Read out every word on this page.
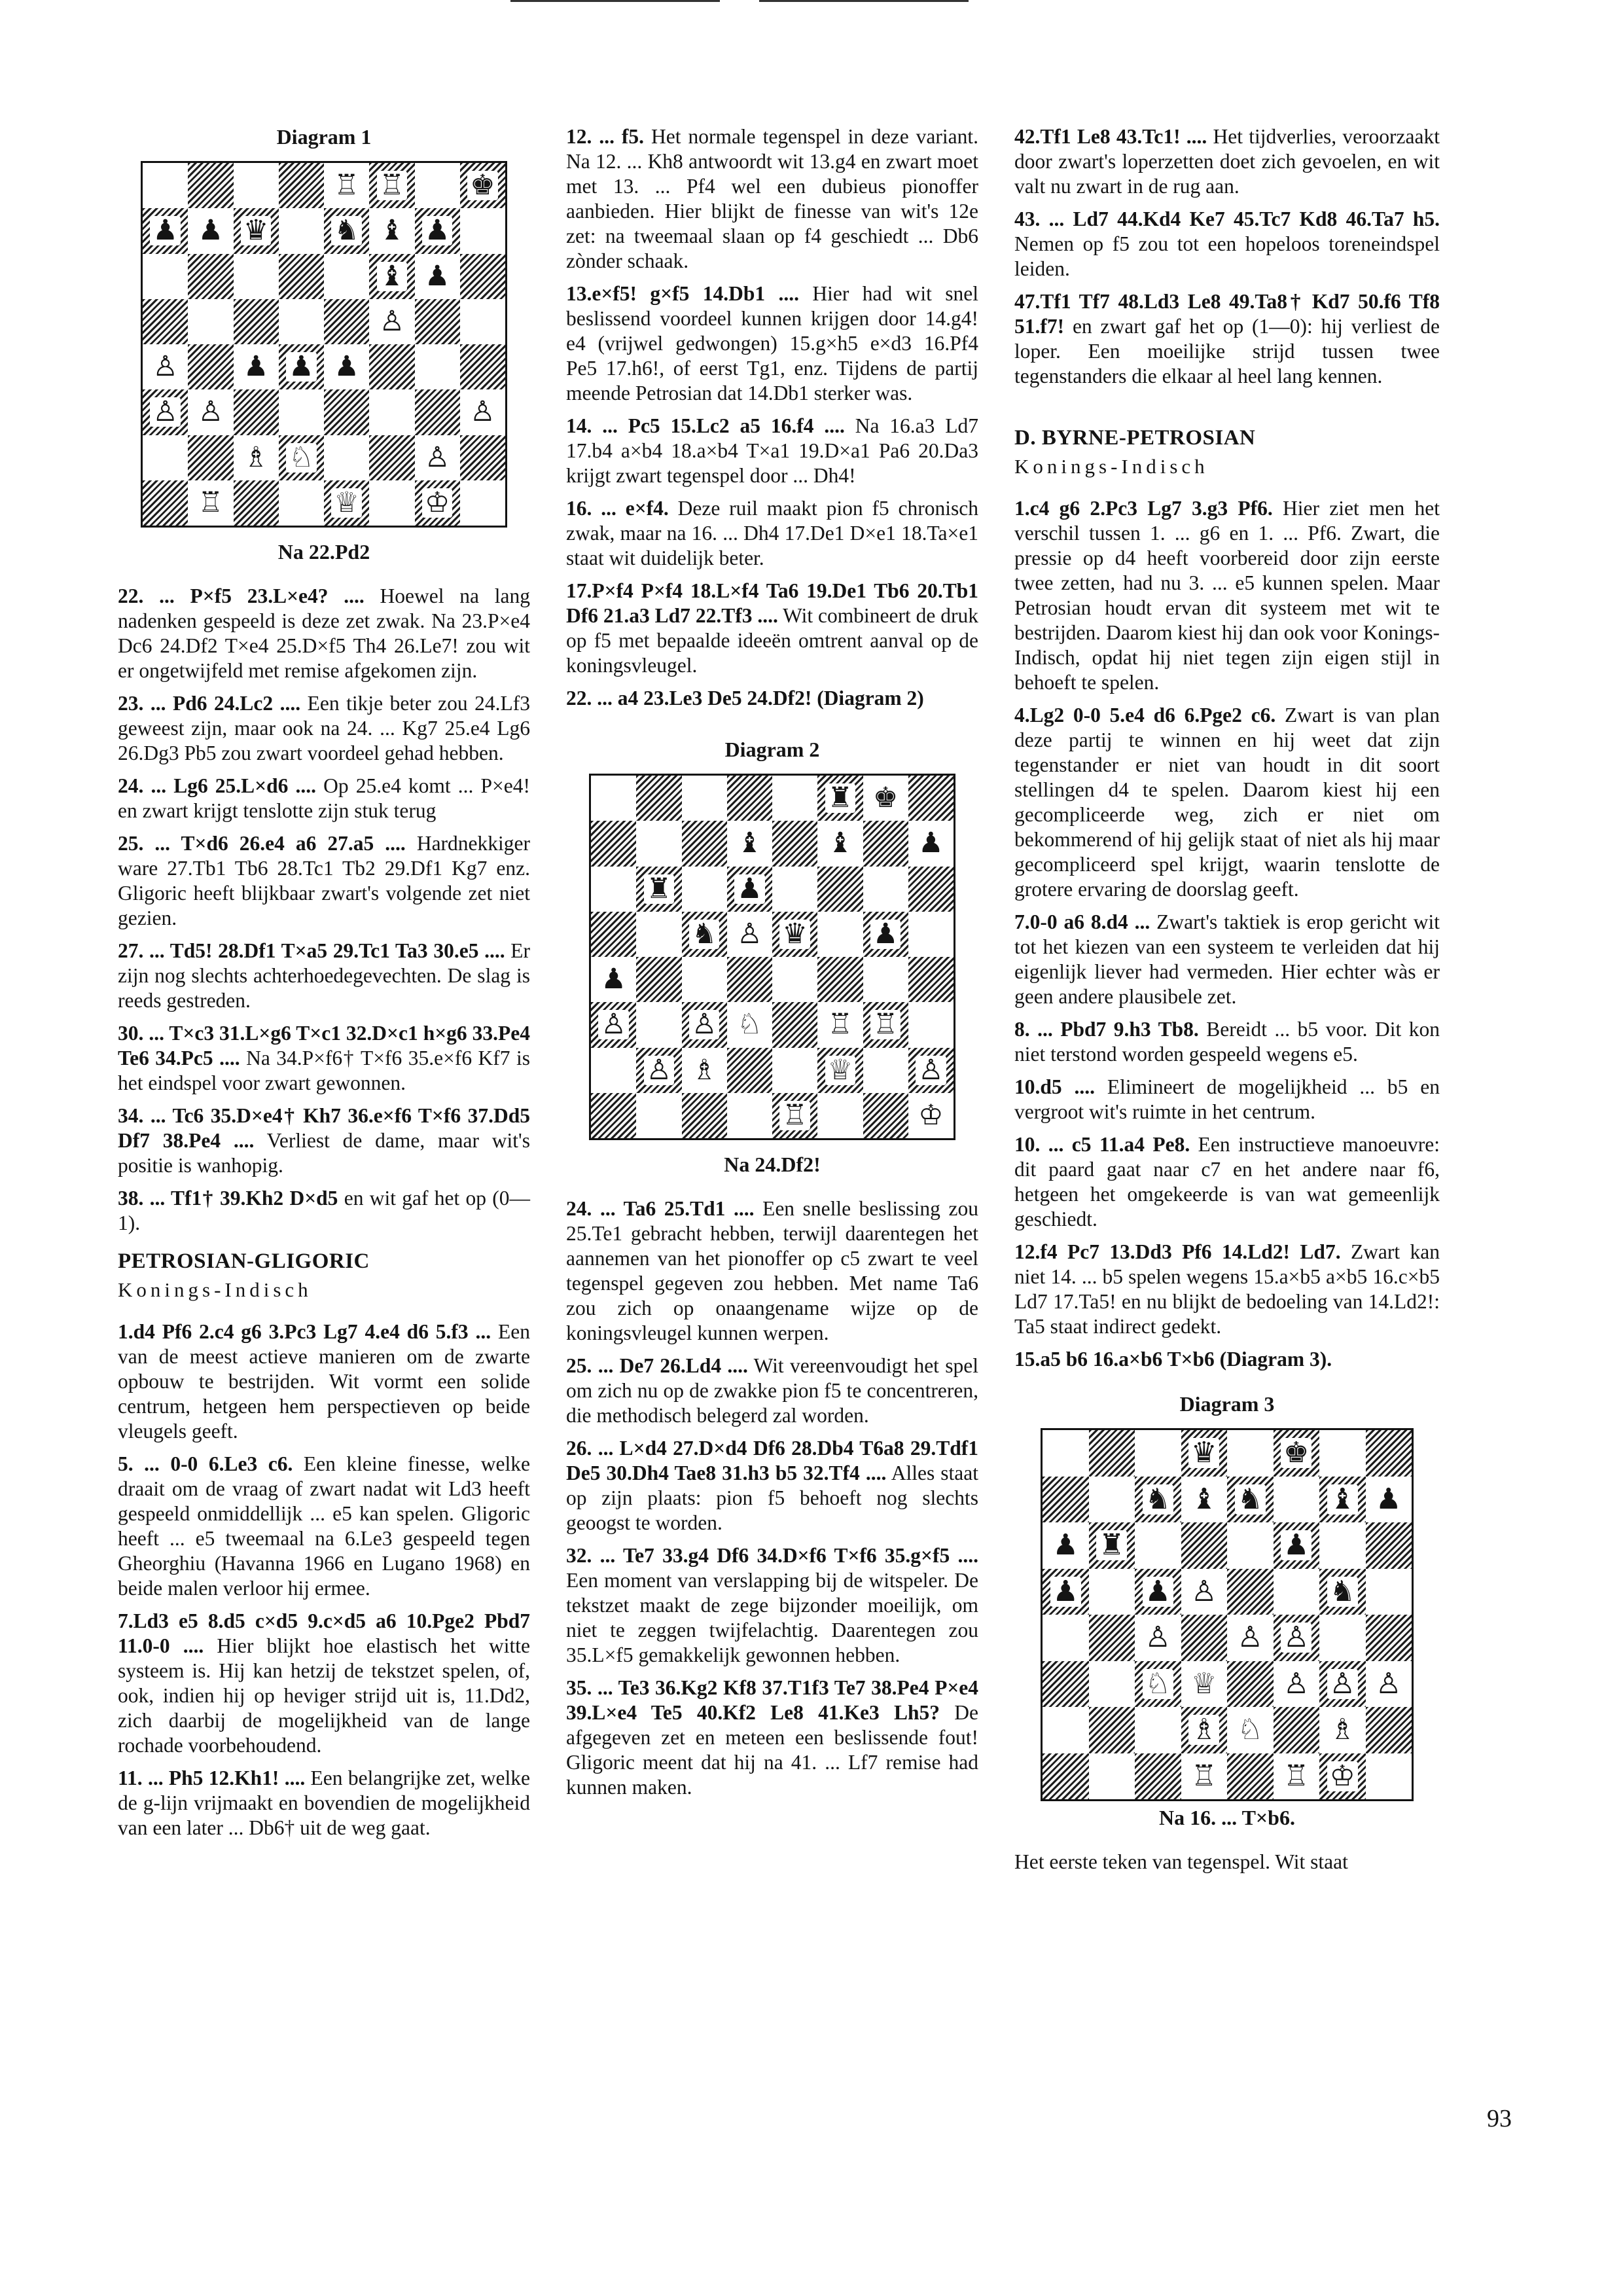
Diagram 1
♖ ♖ ♚
♟ ♟ ♛ ♞ ♝ ♟
♝ ♟
♙
♙ ♟ ♟ ♟
♙ ♙	♙
♗ ♘	♙
♖	♕ ♔
Na 22.Pd2
22. ... P×f5 23.L×e4? .... Hoewel na lang nadenken gespeeld is deze zet zwak. Na 23.P×e4 Dc6 24.Df2 T×e4 25.D×f5 Th4 26.Le7! zou wit er ongetwijfeld met remise afgekomen zijn.
23. ... Pd6 24.Lc2 .... Een tikje beter zou 24.Lf3 geweest zijn, maar ook na 24. ... Kg7 25.e4 Lg6 26.Dg3 Pb5 zou zwart voordeel gehad hebben.
24. ... Lg6 25.L×d6 .... Op 25.e4 komt ... P×e4! en zwart krijgt tenslotte zijn stuk terug
25. ... T×d6 26.e4 a6 27.a5 .... Hardnekkiger ware 27.Tb1 Tb6 28.Tc1 Tb2 29.Df1 Kg7 enz. Gligoric heeft blijkbaar zwart's volgende zet niet gezien.
27. ... Td5! 28.Df1 T×a5 29.Tc1 Ta3 30.e5 .... Er zijn nog slechts achterhoedegevechten. De slag is reeds gestreden.
30. ... T×c3 31.L×g6 T×c1 32.D×c1 h×g6 33.Pe4 Te6 34.Pc5 .... Na 34.P×f6† T×f6 35.e×f6 Kf7 is het eindspel voor zwart gewonnen.
34. ... Tc6 35.D×e4† Kh7 36.e×f6 T×f6 37.Dd5 Df7 38.Pe4 .... Verliest de dame, maar wit's positie is wanhopig.
38. ... Tf1† 39.Kh2 D×d5 en wit gaf het op (0—1).
PETROSIAN-GLIGORIC
Konings-Indisch
1.d4 Pf6 2.c4 g6 3.Pc3 Lg7 4.e4 d6 5.f3 ... Een van de meest actieve manieren om de zwarte opbouw te bestrijden. Wit vormt een solide centrum, hetgeen hem perspectieven op beide vleugels geeft.
5. ... 0-0 6.Le3 c6. Een kleine finesse, welke draait om de vraag of zwart nadat wit Ld3 heeft gespeeld onmiddellijk ... e5 kan spelen. Gligoric heeft ... e5 tweemaal na 6.Le3 gespeeld tegen Gheorghiu (Havanna 1966 en Lugano 1968) en beide malen verloor hij ermee.
7.Ld3 e5 8.d5 c×d5 9.c×d5 a6 10.Pge2 Pbd7 11.0-0 .... Hier blijkt hoe elastisch het witte systeem is. Hij kan hetzij de tekstzet spelen, of, ook, indien hij op heviger strijd uit is, 11.Dd2, zich daarbij de mogelijkheid van de lange rochade voorbehoudend.
11. ... Ph5 12.Kh1! .... Een belangrijke zet, welke de g-lijn vrijmaakt en bovendien de mogelijkheid van een later ... Db6† uit de weg gaat.
12. ... f5. Het normale tegenspel in deze variant. Na 12. ... Kh8 antwoordt wit 13.g4 en zwart moet met 13. ... Pf4 wel een dubieus pionoffer aanbieden. Hier blijkt de finesse van wit's 12e zet: na tweemaal slaan op f4 geschiedt ... Db6 zònder schaak.
13.e×f5! g×f5 14.Db1 .... Hier had wit snel beslissend voordeel kunnen krijgen door 14.g4! e4 (vrijwel gedwongen) 15.g×h5 e×d3 16.Pf4 Pe5 17.h6!, of eerst Tg1, enz. Tijdens de partij meende Petrosian dat 14.Db1 sterker was.
14. ... Pc5 15.Lc2 a5 16.f4 .... Na 16.a3 Ld7 17.b4 a×b4 18.a×b4 T×a1 19.D×a1 Pa6 20.Da3 krijgt zwart tegenspel door ... Dh4!
16. ... e×f4. Deze ruil maakt pion f5 chronisch zwak, maar na 16. ... Dh4 17.De1 D×e1 18.Ta×e1 staat wit duidelijk beter.
17.P×f4 P×f4 18.L×f4 Ta6 19.De1 Tb6 20.Tb1 Df6 21.a3 Ld7 22.Tf3 .... Wit combineert de druk op f5 met bepaalde ideeën omtrent aanval op de koningsvleugel.
22. ... a4 23.Le3 De5 24.Df2! (Diagram 2)
Diagram 2
♜ ♚
♝ ♝ ♟
♜ ♟
♞ ♙ ♛ ♟
♟
♙ ♙ ♘ ♖ ♖
♙ ♗	♕ ♙
♖	♔
Na 24.Df2!
24. ... Ta6 25.Td1 .... Een snelle beslissing zou 25.Te1 gebracht hebben, terwijl daarentegen het aannemen van het pionoffer op c5 zwart te veel tegenspel gegeven zou hebben. Met name Ta6 zou zich op onaangename wijze op de koningsvleugel kunnen werpen.
25. ... De7 26.Ld4 .... Wit vereenvoudigt het spel om zich nu op de zwakke pion f5 te concentreren, die methodisch belegerd zal worden.
26. ... L×d4 27.D×d4 Df6 28.Db4 T6a8 29.Tdf1 De5 30.Dh4 Tae8 31.h3 b5 32.Tf4 .... Alles staat op zijn plaats: pion f5 behoeft nog slechts geoogst te worden.
32. ... Te7 33.g4 Df6 34.D×f6 T×f6 35.g×f5 .... Een moment van verslapping bij de witspeler. De tekstzet maakt de zege bijzonder moeilijk, om niet te zeggen twijfelachtig. Daarentegen zou 35.L×f5 gemakkelijk gewonnen hebben.
35. ... Te3 36.Kg2 Kf8 37.T1f3 Te7 38.Pe4 P×e4 39.L×e4 Te5 40.Kf2 Le8 41.Ke3 Lh5? De afgegeven zet en meteen een beslissende fout! Gligoric meent dat hij na 41. ... Lf7 remise had kunnen maken.
42.Tf1 Le8 43.Tc1! .... Het tijdverlies, veroorzaakt door zwart's loperzetten doet zich gevoelen, en wit valt nu zwart in de rug aan.
43. ... Ld7 44.Kd4 Ke7 45.Tc7 Kd8 46.Ta7 h5. Nemen op f5 zou tot een hopeloos toreneindspel leiden.
47.Tf1 Tf7 48.Ld3 Le8 49.Ta8† Kd7 50.f6 Tf8 51.f7! en zwart gaf het op (1—0): hij verliest de loper. Een moeilijke strijd tussen twee tegenstanders die elkaar al heel lang kennen.
D. BYRNE-PETROSIAN
Konings-Indisch
1.c4 g6 2.Pc3 Lg7 3.g3 Pf6. Hier ziet men het verschil tussen 1. ... g6 en 1. ... Pf6. Zwart, die pressie op d4 heeft voorbereid door zijn eerste twee zetten, had nu 3. ... e5 kunnen spelen. Maar Petrosian houdt ervan dit systeem met wit te bestrijden. Daarom kiest hij dan ook voor Konings-Indisch, opdat hij niet tegen zijn eigen stijl in behoeft te spelen.
4.Lg2 0-0 5.e4 d6 6.Pge2 c6. Zwart is van plan deze partij te winnen en hij weet dat zijn tegenstander er niet van houdt in dit soort stellingen d4 te spelen. Daarom kiest hij een gecompliceerde weg, zich er niet om bekommerend of hij gelijk staat of niet als hij maar gecompliceerd spel krijgt, waarin tenslotte de grotere ervaring de doorslag geeft.
7.0-0 a6 8.d4 ... Zwart's taktiek is erop gericht wit tot het kiezen van een systeem te verleiden dat hij eigenlijk liever had vermeden. Hier echter wàs er geen andere plausibele zet.
8. ... Pbd7 9.h3 Tb8. Bereidt ... b5 voor. Dit kon niet terstond worden gespeeld wegens e5.
10.d5 .... Elimineert de mogelijkheid ... b5 en vergroot wit's ruimte in het centrum.
10. ... c5 11.a4 Pe8. Een instructieve manoeuvre: dit paard gaat naar c7 en het andere naar f6, hetgeen het omgekeerde is van wat gemeenlijk geschiedt.
12.f4 Pc7 13.Dd3 Pf6 14.Ld2! Ld7. Zwart kan niet 14. ... b5 spelen wegens 15.a×b5 a×b5 16.c×b5 Ld7 17.Ta5! en nu blijkt de bedoeling van 14.Ld2!: Ta5 staat indirect gedekt.
15.a5 b6 16.a×b6 T×b6 (Diagram 3).
Diagram 3
♛ ♚
♞ ♝ ♞ ♝ ♟
♟ ♜	♟
♟ ♟ ♙	♞
♙ ♙ ♙
♘ ♕ ♙ ♙ ♙
♗ ♘ ♗
♖ ♖ ♔
Na 16. ... T×b6.
Het eerste teken van tegenspel. Wit staat
93
